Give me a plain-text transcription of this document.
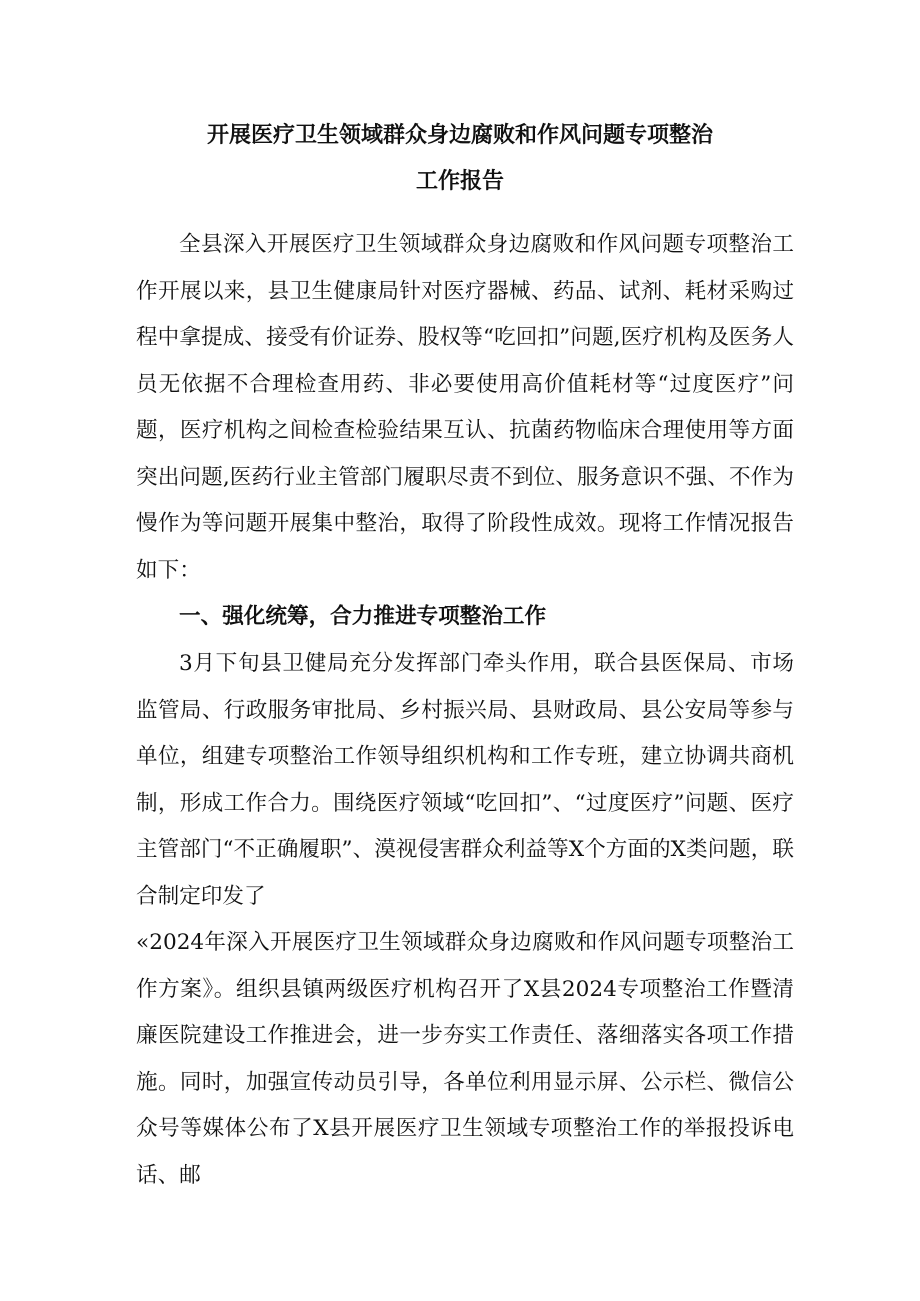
开展医疗卫生领域群众身边腐败和作风问题专项整治
工作报告

全县深入开展医疗卫生领域群众身边腐败和作风问题专项整治工作开展以来，县卫生健康局针对医疗器械、药品、试剂、耗材采购过程中拿提成、接受有价证券、股权等“吃回扣”问题,医疗机构及医务人员无依据不合理检查用药、非必要使用高价值耗材等“过度医疗”问题，医疗机构之间检查检验结果互认、抗菌药物临床合理使用等方面突出问题,医药行业主管部门履职尽责不到位、服务意识不强、不作为慢作为等问题开展集中整治，取得了阶段性成效。现将工作情况报告如下：

一、强化统筹，合力推进专项整治工作

3月下旬县卫健局充分发挥部门牵头作用，联合县医保局、市场监管局、行政服务审批局、乡村振兴局、县财政局、县公安局等参与单位，组建专项整治工作领导组织机构和工作专班，建立协调共商机制，形成工作合力。围绕医疗领域“吃回扣”、“过度医疗”问题、医疗主管部门“不正确履职”、漠视侵害群众利益等X个方面的X类问题，联合制定印发了

«2024年深入开展医疗卫生领域群众身边腐败和作风问题专项整治工作方案》。组织县镇两级医疗机构召开了X县2024专项整治工作暨清廉医院建设工作推进会，进一步夯实工作责任、落细落实各项工作措施。同时，加强宣传动员引导，各单位利用显示屏、公示栏、微信公众号等媒体公布了X县开展医疗卫生领域专项整治工作的举报投诉电话、邮
